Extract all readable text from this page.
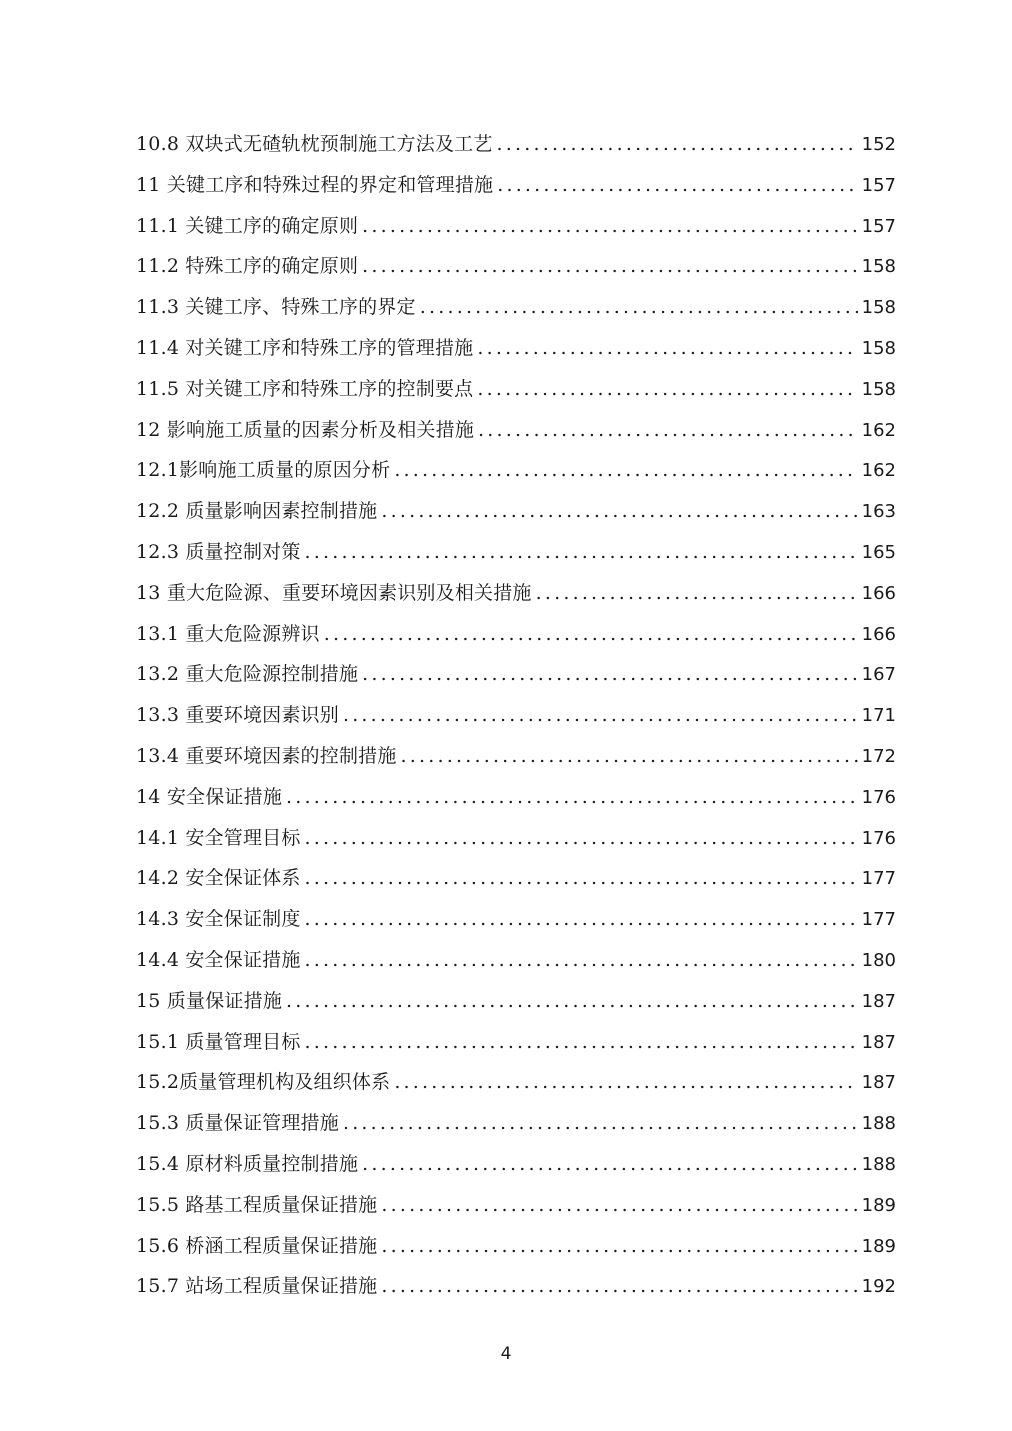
10.8 双块式无碴轨枕预制施工方法及工艺 .....	152
11 关键工序和特殊过程的界定和管理措施 .....	157
11.1 关键工序的确定原则 .....	157
11.2 特殊工序的确定原则 .....	158
11.3 关键工序、特殊工序的界定 .....	158
11.4 对关键工序和特殊工序的管理措施 .....	158
11.5 对关键工序和特殊工序的控制要点 .....	158
12 影响施工质量的因素分析及相关措施 .....	162
12.1影响施工质量的原因分析 .....	162
12.2 质量影响因素控制措施 .....	163
12.3 质量控制对策 .....	165
13 重大危险源、重要环境因素识别及相关措施 .....	166
13.1 重大危险源辨识 .....	166
13.2 重大危险源控制措施 .....	167
13.3 重要环境因素识别 .....	171
13.4 重要环境因素的控制措施 .....	172
14 安全保证措施 .....	176
14.1 安全管理目标 .....	176
14.2 安全保证体系 .....	177
14.3 安全保证制度 .....	177
14.4 安全保证措施 .....	180
15 质量保证措施 .....	187
15.1 质量管理目标 .....	187
15.2质量管理机构及组织体系 .....	187
15.3 质量保证管理措施 .....	188
15.4 原材料质量控制措施 .....	188
15.5 路基工程质量保证措施 .....	189
15.6 桥涵工程质量保证措施 .....	189
15.7 站场工程质量保证措施 .....	192
4
